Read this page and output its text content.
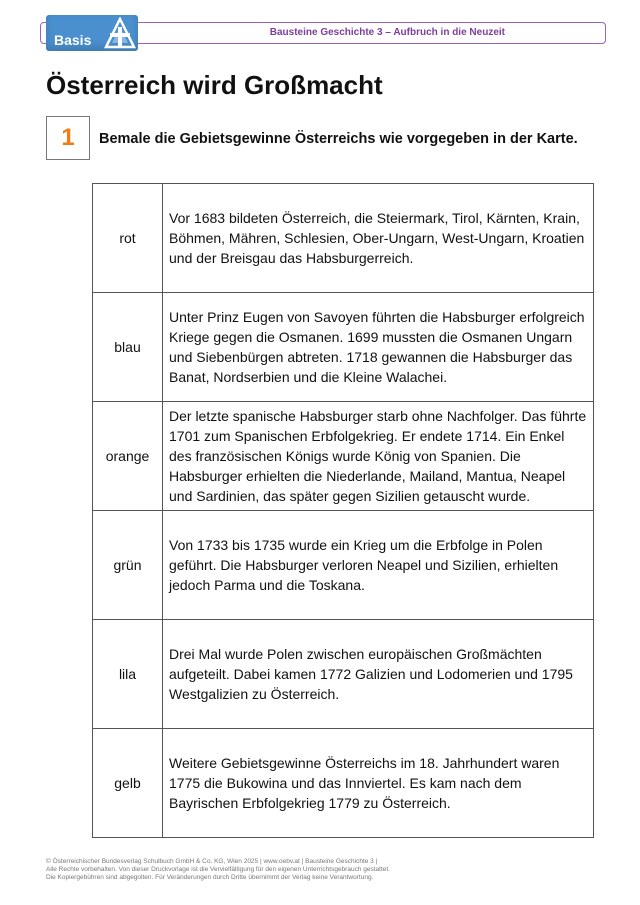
Bausteine Geschichte 3 – Aufbruch in die Neuzeit
Basis
Österreich wird Großmacht
1	Bemale die Gebietsgewinne Österreichs wie vorgegeben in der Karte.
rot	Vor 1683 bildeten Österreich, die Steiermark, Tirol, Kärnten, Krain, Böhmen, Mähren, Schlesien, Ober-Ungarn, West-Ungarn, Kroatien und der Breisgau das Habsburgerreich.
blau	Unter Prinz Eugen von Savoyen führten die Habsburger erfolgreich Kriege gegen die Osmanen. 1699 mussten die Osmanen Ungarn und Siebenbürgen abtreten. 1718 gewannen die Habsburger das Banat, Nordserbien und die Kleine Walachei.
orange	Der letzte spanische Habsburger starb ohne Nachfolger. Das führte 1701 zum Spanischen Erbfolgekrieg. Er endete 1714. Ein Enkel des französischen Königs wurde König von Spanien. Die Habsburger erhielten die Niederlande, Mailand, Mantua, Neapel und Sardinien, das später gegen Sizilien getauscht wurde.
grün	Von 1733 bis 1735 wurde ein Krieg um die Erbfolge in Polen geführt. Die Habsburger verloren Neapel und Sizilien, erhielten jedoch Parma und die Toskana.
lila	Drei Mal wurde Polen zwischen europäischen Großmächten aufgeteilt. Dabei kamen 1772 Galizien und Lodomerien und 1795 Westgalizien zu Österreich.
gelb	Weitere Gebietsgewinne Österreichs im 18. Jahrhundert waren 1775 die Bukowina und das Innviertel. Es kam nach dem Bayrischen Erbfolgekrieg 1779 zu Österreich.
© Österreichischer Bundesverlag Schulbuch GmbH & Co. KG, Wien 2025 | www.oebv.at | Bausteine Geschichte 3 |
Alle Rechte vorbehalten. Von dieser Druckvorlage ist die Vervielfältigung für den eigenen Unterrichtsgebrauch gestattet.
Die Kopiergebühren sind abgegolten. Für Veränderungen durch Dritte übernimmt der Verlag keine Verantwortung.
